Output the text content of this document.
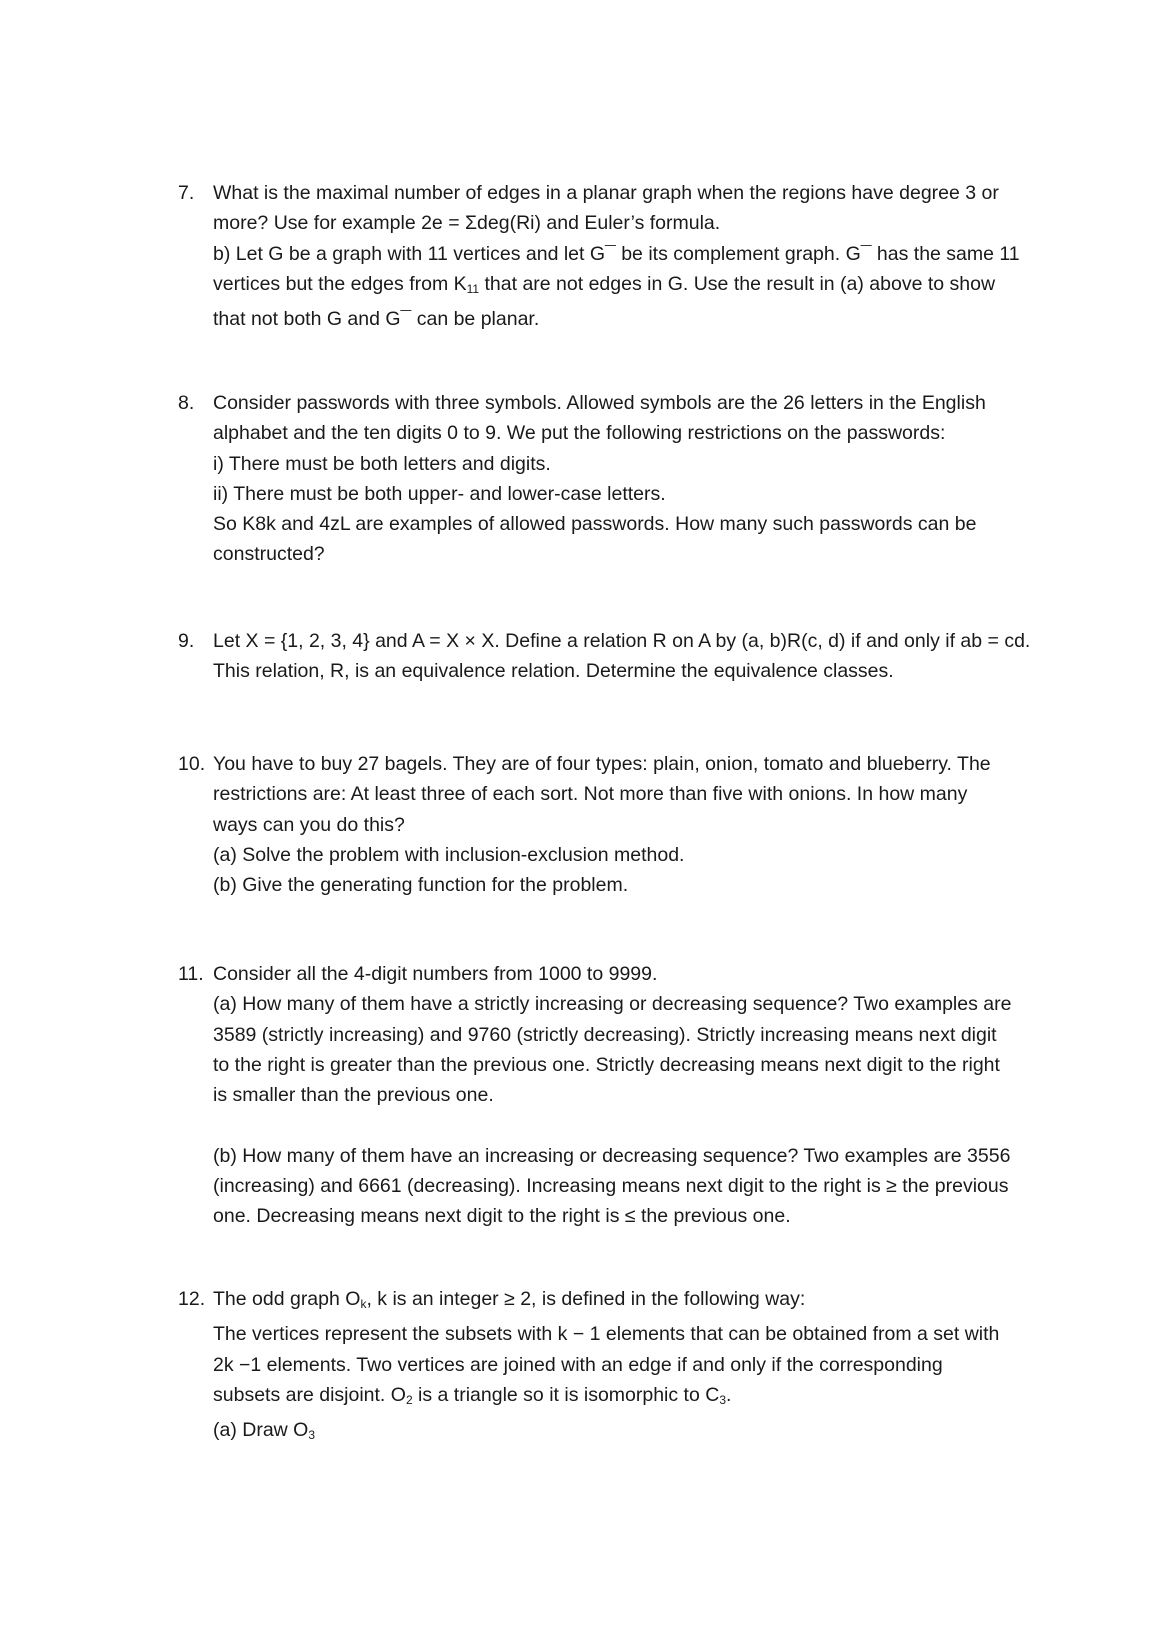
7. What is the maximal number of edges in a planar graph when the regions have degree 3 or
more? Use for example 2e = Σdeg(Ri) and Euler’s formula.
b) Let G be a graph with 11 vertices and let G¯ be its complement graph. G¯ has the same 11
vertices but the edges from $K_{11}$ that are not edges in G. Use the result in (a) above to show
that not both G and G¯ can be planar.
8. Consider passwords with three symbols. Allowed symbols are the 26 letters in the English
alphabet and the ten digits 0 to 9. We put the following restrictions on the passwords:
i) There must be both letters and digits.
ii) There must be both upper- and lower-case letters.
So K8k and 4zL are examples of allowed passwords. How many such passwords can be
constructed?
9. Let X = {1, 2, 3, 4} and A = X × X. Define a relation R on A by (a, b)R(c, d) if and only if ab = cd.
This relation, R, is an equivalence relation. Determine the equivalence classes.
10. You have to buy 27 bagels. They are of four types: plain, onion, tomato and blueberry. The
restrictions are: At least three of each sort. Not more than five with onions. In how many
ways can you do this?
(a) Solve the problem with inclusion-exclusion method.
(b) Give the generating function for the problem.
11. Consider all the 4-digit numbers from 1000 to 9999.
(a) How many of them have a strictly increasing or decreasing sequence? Two examples are
3589 (strictly increasing) and 9760 (strictly decreasing). Strictly increasing means next digit
to the right is greater than the previous one. Strictly decreasing means next digit to the right
is smaller than the previous one.

(b) How many of them have an increasing or decreasing sequence? Two examples are 3556
(increasing) and 6661 (decreasing). Increasing means next digit to the right is ≥ the previous
one. Decreasing means next digit to the right is ≤ the previous one.
12. The odd graph $O_k$, k is an integer ≥ 2, is defined in the following way:
The vertices represent the subsets with k − 1 elements that can be obtained from a set with
2k −1 elements. Two vertices are joined with an edge if and only if the corresponding
subsets are disjoint. $O_2$ is a triangle so it is isomorphic to $C_3$.
(a) Draw $O_3$
